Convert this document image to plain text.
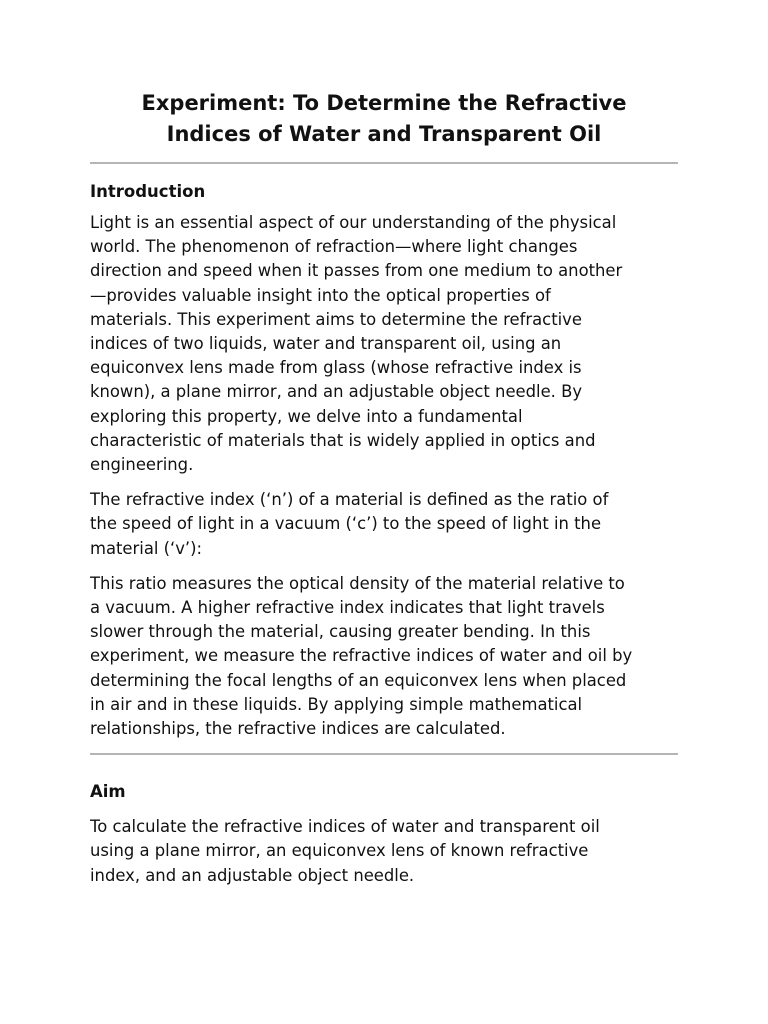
Experiment: To Determine the Refractive
Indices of Water and Transparent Oil
Introduction

Light is an essential aspect of our understanding of the physical
world. The phenomenon of refraction—where light changes
direction and speed when it passes from one medium to another
—provides valuable insight into the optical properties of
materials. This experiment aims to determine the refractive
indices of two liquids, water and transparent oil, using an
equiconvex lens made from glass (whose refractive index is
known), a plane mirror, and an adjustable object needle. By
exploring this property, we delve into a fundamental
characteristic of materials that is widely applied in optics and
engineering.

The refractive index (‘n’) of a material is defined as the ratio of
the speed of light in a vacuum (‘c’) to the speed of light in the
material (‘v’):

This ratio measures the optical density of the material relative to
a vacuum. A higher refractive index indicates that light travels
slower through the material, causing greater bending. In this
experiment, we measure the refractive indices of water and oil by
determining the focal lengths of an equiconvex lens when placed
in air and in these liquids. By applying simple mathematical
relationships, the refractive indices are calculated.

Aim

To calculate the refractive indices of water and transparent oil
using a plane mirror, an equiconvex lens of known refractive
index, and an adjustable object needle.
